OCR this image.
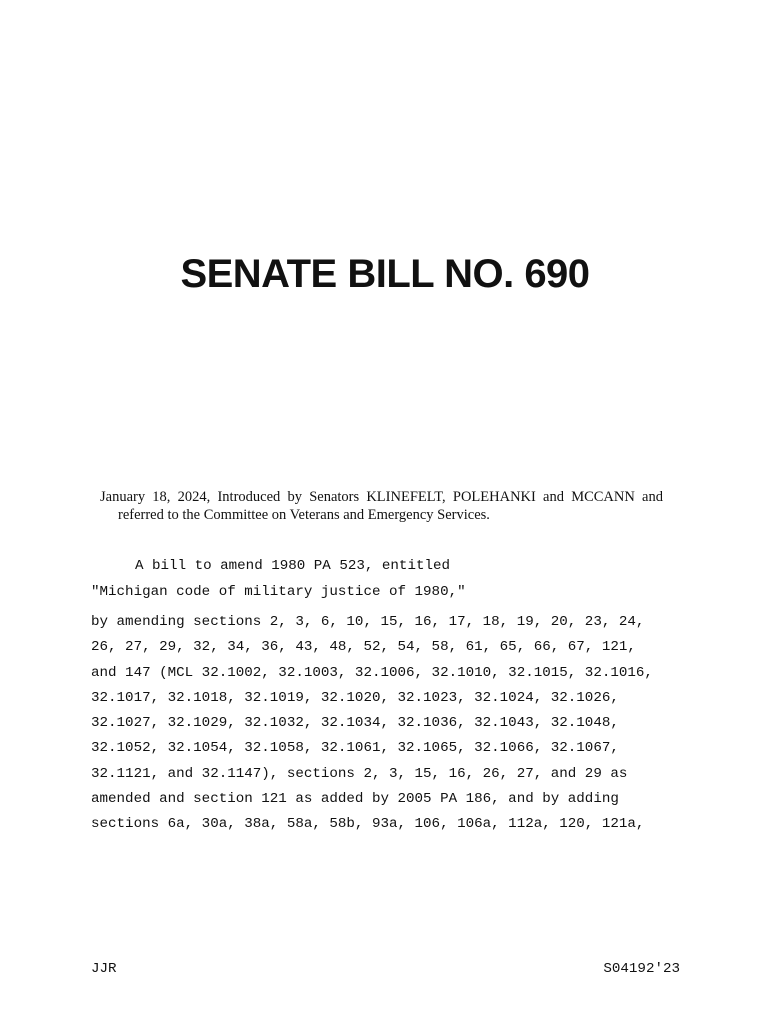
SENATE BILL NO. 690

January 18, 2024, Introduced by Senators KLINEFELT, POLEHANKI and MCCANN and
referred to the Committee on Veterans and Emergency Services.

A bill to amend 1980 PA 523, entitled

"Michigan code of military justice of 1980,"

by amending sections 2, 3, 6, 10, 15, 16, 17, 18, 19, 20, 23, 24,
26, 27, 29, 32, 34, 36, 43, 48, 52, 54, 58, 61, 65, 66, 67, 121,
and 147 (MCL 32.1002, 32.1003, 32.1006, 32.1010, 32.1015, 32.1016,
32.1017, 32.1018, 32.1019, 32.1020, 32.1023, 32.1024, 32.1026,
32.1027, 32.1029, 32.1032, 32.1034, 32.1036, 32.1043, 32.1048,
32.1052, 32.1054, 32.1058, 32.1061, 32.1065, 32.1066, 32.1067,
32.1121, and 32.1147), sections 2, 3, 15, 16, 26, 27, and 29 as
amended and section 121 as added by 2005 PA 186, and by adding
sections 6a, 30a, 38a, 58a, 58b, 93a, 106, 106a, 112a, 120, 121a,

JJR	S04192'23
